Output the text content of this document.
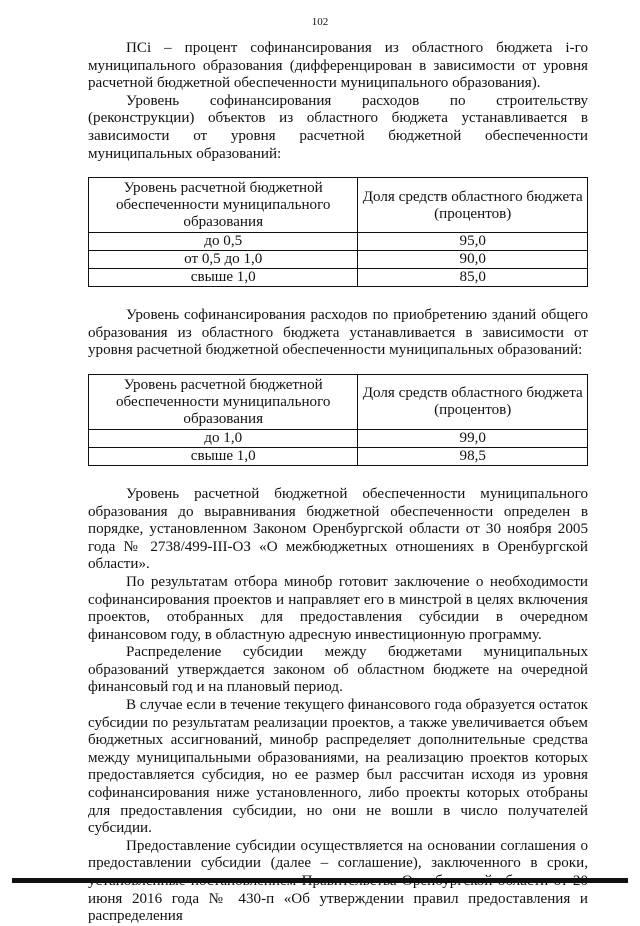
102

ПСi – процент софинансирования из областного бюджета i-го муниципального образования (дифференцирован в зависимости от уровня расчетной бюджетной обеспеченности муниципального образования).

Уровень софинансирования расходов по строительству (реконструкции) объектов из областного бюджета устанавливается в зависимости от уровня расчетной бюджетной обеспеченности муниципальных образований:

Уровень расчетной бюджетной обеспеченности муниципального образования	Доля средств областного бюджета (процентов)
до 0,5	95,0
от 0,5 до 1,0	90,0
свыше 1,0	85,0

Уровень софинансирования расходов по приобретению зданий общего образования из областного бюджета устанавливается в зависимости от уровня расчетной бюджетной обеспеченности муниципальных образований:

Уровень расчетной бюджетной обеспеченности муниципального образования	Доля средств областного бюджета (процентов)
до 1,0	99,0
свыше 1,0	98,5

Уровень расчетной бюджетной обеспеченности муниципального образования до выравнивания бюджетной обеспеченности определен в порядке, установленном Законом Оренбургской области от 30 ноября 2005 года № 2738/499-III-ОЗ «О межбюджетных отношениях в Оренбургской области».

По результатам отбора минобр готовит заключение о необходимости софинансирования проектов и направляет его в минстрой в целях включения проектов, отобранных для предоставления субсидии в очередном финансовом году, в областную адресную инвестиционную программу.

Распределение субсидии между бюджетами муниципальных образований утверждается законом об областном бюджете на очередной финансовый год и на плановый период.

В случае если в течение текущего финансового года образуется остаток субсидии по результатам реализации проектов, а также увеличивается объем бюджетных ассигнований, минобр распределяет дополнительные средства между муниципальными образованиями, на реализацию проектов которых предоставляется субсидия, но ее размер был рассчитан исходя из уровня софинансирования ниже установленного, либо проекты которых отобраны для предоставления субсидии, но они не вошли в число получателей субсидии.

Предоставление субсидии осуществляется на основании соглашения о предоставлении субсидии (далее – соглашение), заключенного в сроки, июня 2016 года № 430-п «Об утверждении правил предоставления и распределения
